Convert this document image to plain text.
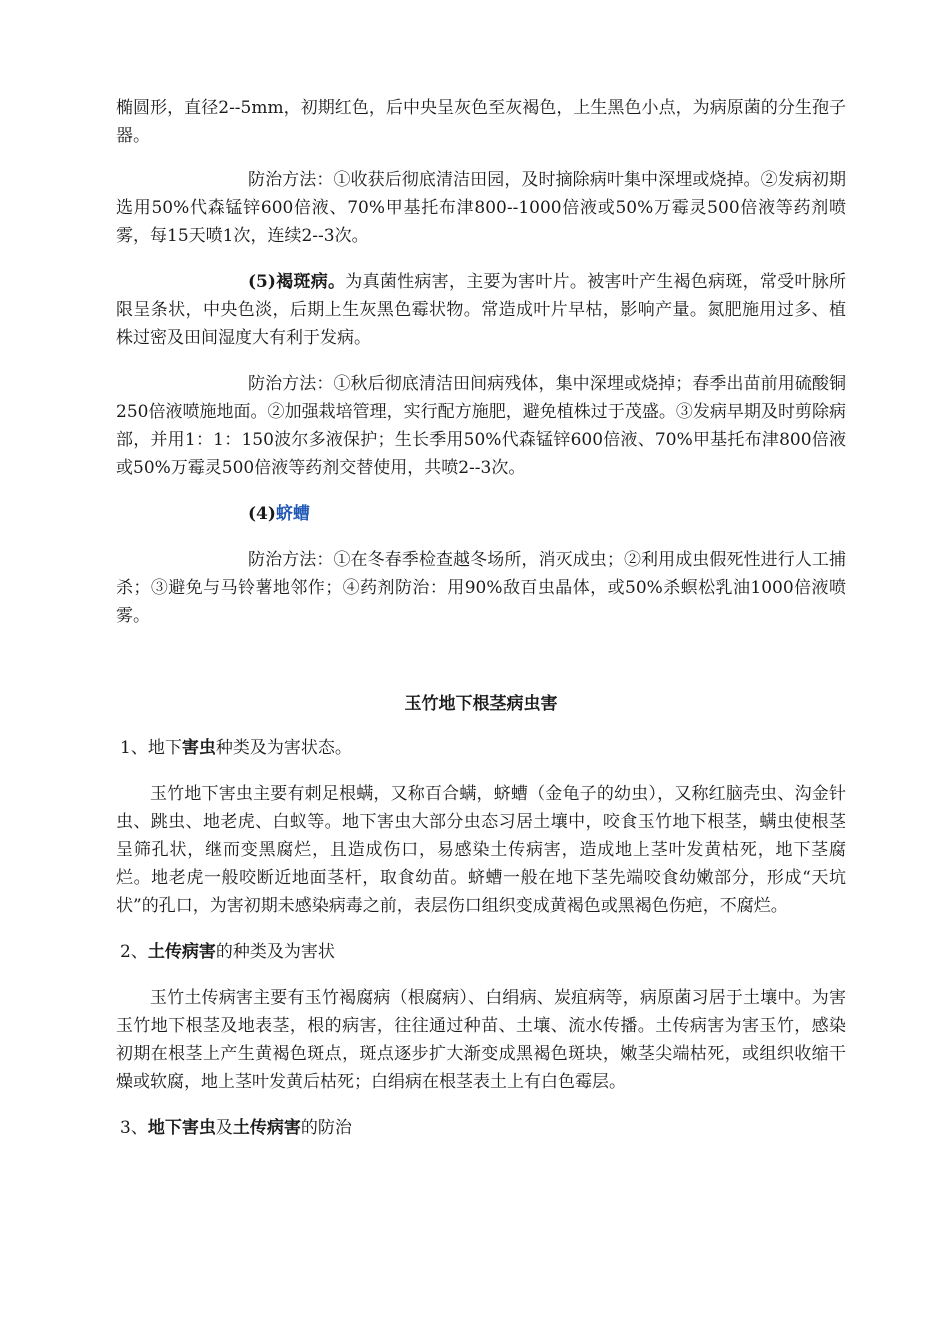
椭圆形，直径2--5mm，初期红色，后中央呈灰色至灰褐色，上生黑色小点，为病原菌的分生孢子器。

防治方法：①收获后彻底清洁田园，及时摘除病叶集中深埋或烧掉。②发病初期选用50%代森锰锌600倍液、70%甲基托布津800--1000倍液或50%万霉灵500倍液等药剂喷雾，每15天喷1次，连续2--3次。

(5)褐斑病。为真菌性病害，主要为害叶片。被害叶产生褐色病斑，常受叶脉所限呈条状，中央色淡，后期上生灰黑色霉状物。常造成叶片早枯，影响产量。氮肥施用过多、植株过密及田间湿度大有利于发病。

防治方法：①秋后彻底清洁田间病残体，集中深埋或烧掉；春季出苗前用硫酸铜250倍液喷施地面。②加强栽培管理，实行配方施肥，避免植株过于茂盛。③发病早期及时剪除病部，并用1：1：150波尔多液保护；生长季用50%代森锰锌600倍液、70%甲基托布津800倍液或50%万霉灵500倍液等药剂交替使用，共喷2--3次。

(4)蛴螬

防治方法：①在冬春季检查越冬场所，消灭成虫；②利用成虫假死性进行人工捕杀；③避免与马铃薯地邻作；④药剂防治：用90%敌百虫晶体，或50%杀螟松乳油1000倍液喷雾。

玉竹地下根茎病虫害

1、地下害虫种类及为害状态。

玉竹地下害虫主要有刺足根螨，又称百合螨，蛴螬（金龟子的幼虫），又称红脑壳虫、沟金针虫、跳虫、地老虎、白蚁等。地下害虫大部分虫态习居土壤中，咬食玉竹地下根茎，螨虫使根茎呈筛孔状，继而变黑腐烂，且造成伤口，易感染土传病害，造成地上茎叶发黄枯死，地下茎腐烂。地老虎一般咬断近地面茎杆，取食幼苗。蛴螬一般在地下茎先端咬食幼嫩部分，形成“天坑状”的孔口，为害初期未感染病毒之前，表层伤口组织变成黄褐色或黑褐色伤疤，不腐烂。

2、土传病害的种类及为害状

玉竹土传病害主要有玉竹褐腐病（根腐病）、白绢病、炭疽病等，病原菌习居于土壤中。为害玉竹地下根茎及地表茎，根的病害，往往通过种苗、土壤、流水传播。土传病害为害玉竹，感染初期在根茎上产生黄褐色斑点，斑点逐步扩大渐变成黑褐色斑块，嫩茎尖端枯死，或组织收缩干燥或软腐，地上茎叶发黄后枯死；白绢病在根茎表土上有白色霉层。

3、地下害虫及土传病害的防治
